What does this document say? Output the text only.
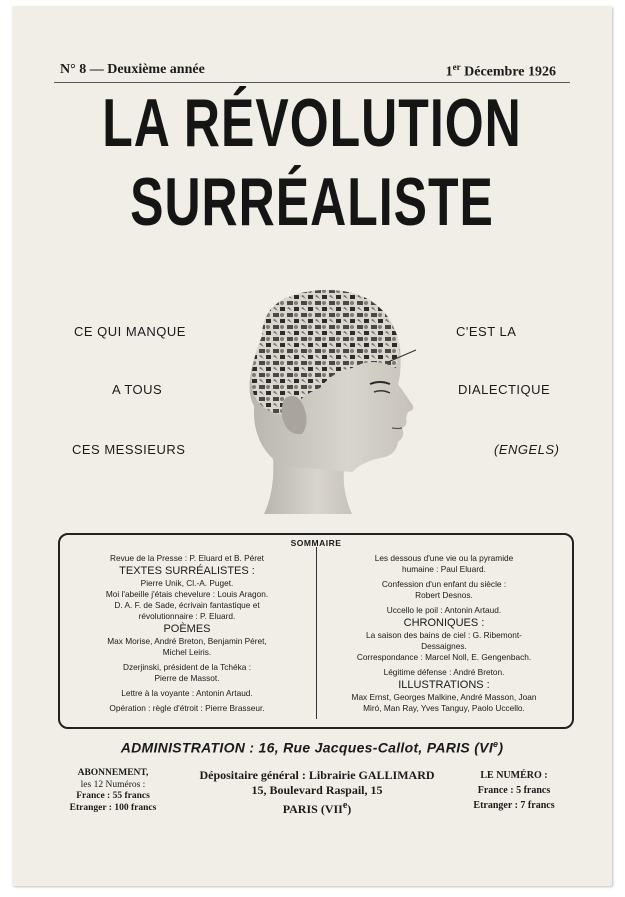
N° 8 — Deuxième année	1er Décembre 1926
LA RÉVOLUTION
SURRÉALISTE
CE QUI MANQUE
A TOUS
CES MESSIEURS
C'EST LA
DIALECTIQUE
(ENGELS)
SOMMAIRE
Revue de la Presse : P. Eluard et B. Péret
TEXTES SURRÉALISTES :
Pierre Unik, Cl.-A. Puget.
Moi l'abeille j'étais chevelure : Louis Aragon.
D. A. F. de Sade, écrivain fantastique et
révolutionnaire : P. Eluard.
POÈMES
Max Morise, André Breton, Benjamin Péret,
Michel Leiris.
Dzerjinski, président de la Tchéka :
Pierre de Massot.
Lettre à la voyante : Antonin Artaud.
Opération : règle d'étroit : Pierre Brasseur.
Les dessous d'une vie ou la pyramide
humaine : Paul Eluard.
Confession d'un enfant du siècle :
Robert Desnos.
Uccello le poil : Antonin Artaud.
CHRONIQUES :
La saison des bains de ciel : G. Ribemont-
Dessaignes.
Correspondance : Marcel Noll, E. Gengenbach.
Légitime défense : André Breton.
ILLUSTRATIONS :
Max Ernst, Georges Malkine, André Masson, Joan
Miró, Man Ray, Yves Tanguy, Paolo Uccello.
ADMINISTRATION : 16, Rue Jacques-Callot, PARIS (VIe)
ABONNEMENT,
les 12 Numéros :
France : 55 francs
Etranger : 100 francs
Dépositaire général : Librairie GALLIMARD
15, Boulevard Raspail, 15
PARIS (VIIe)
LE NUMÉRO :
France : 5 francs
Etranger : 7 francs
